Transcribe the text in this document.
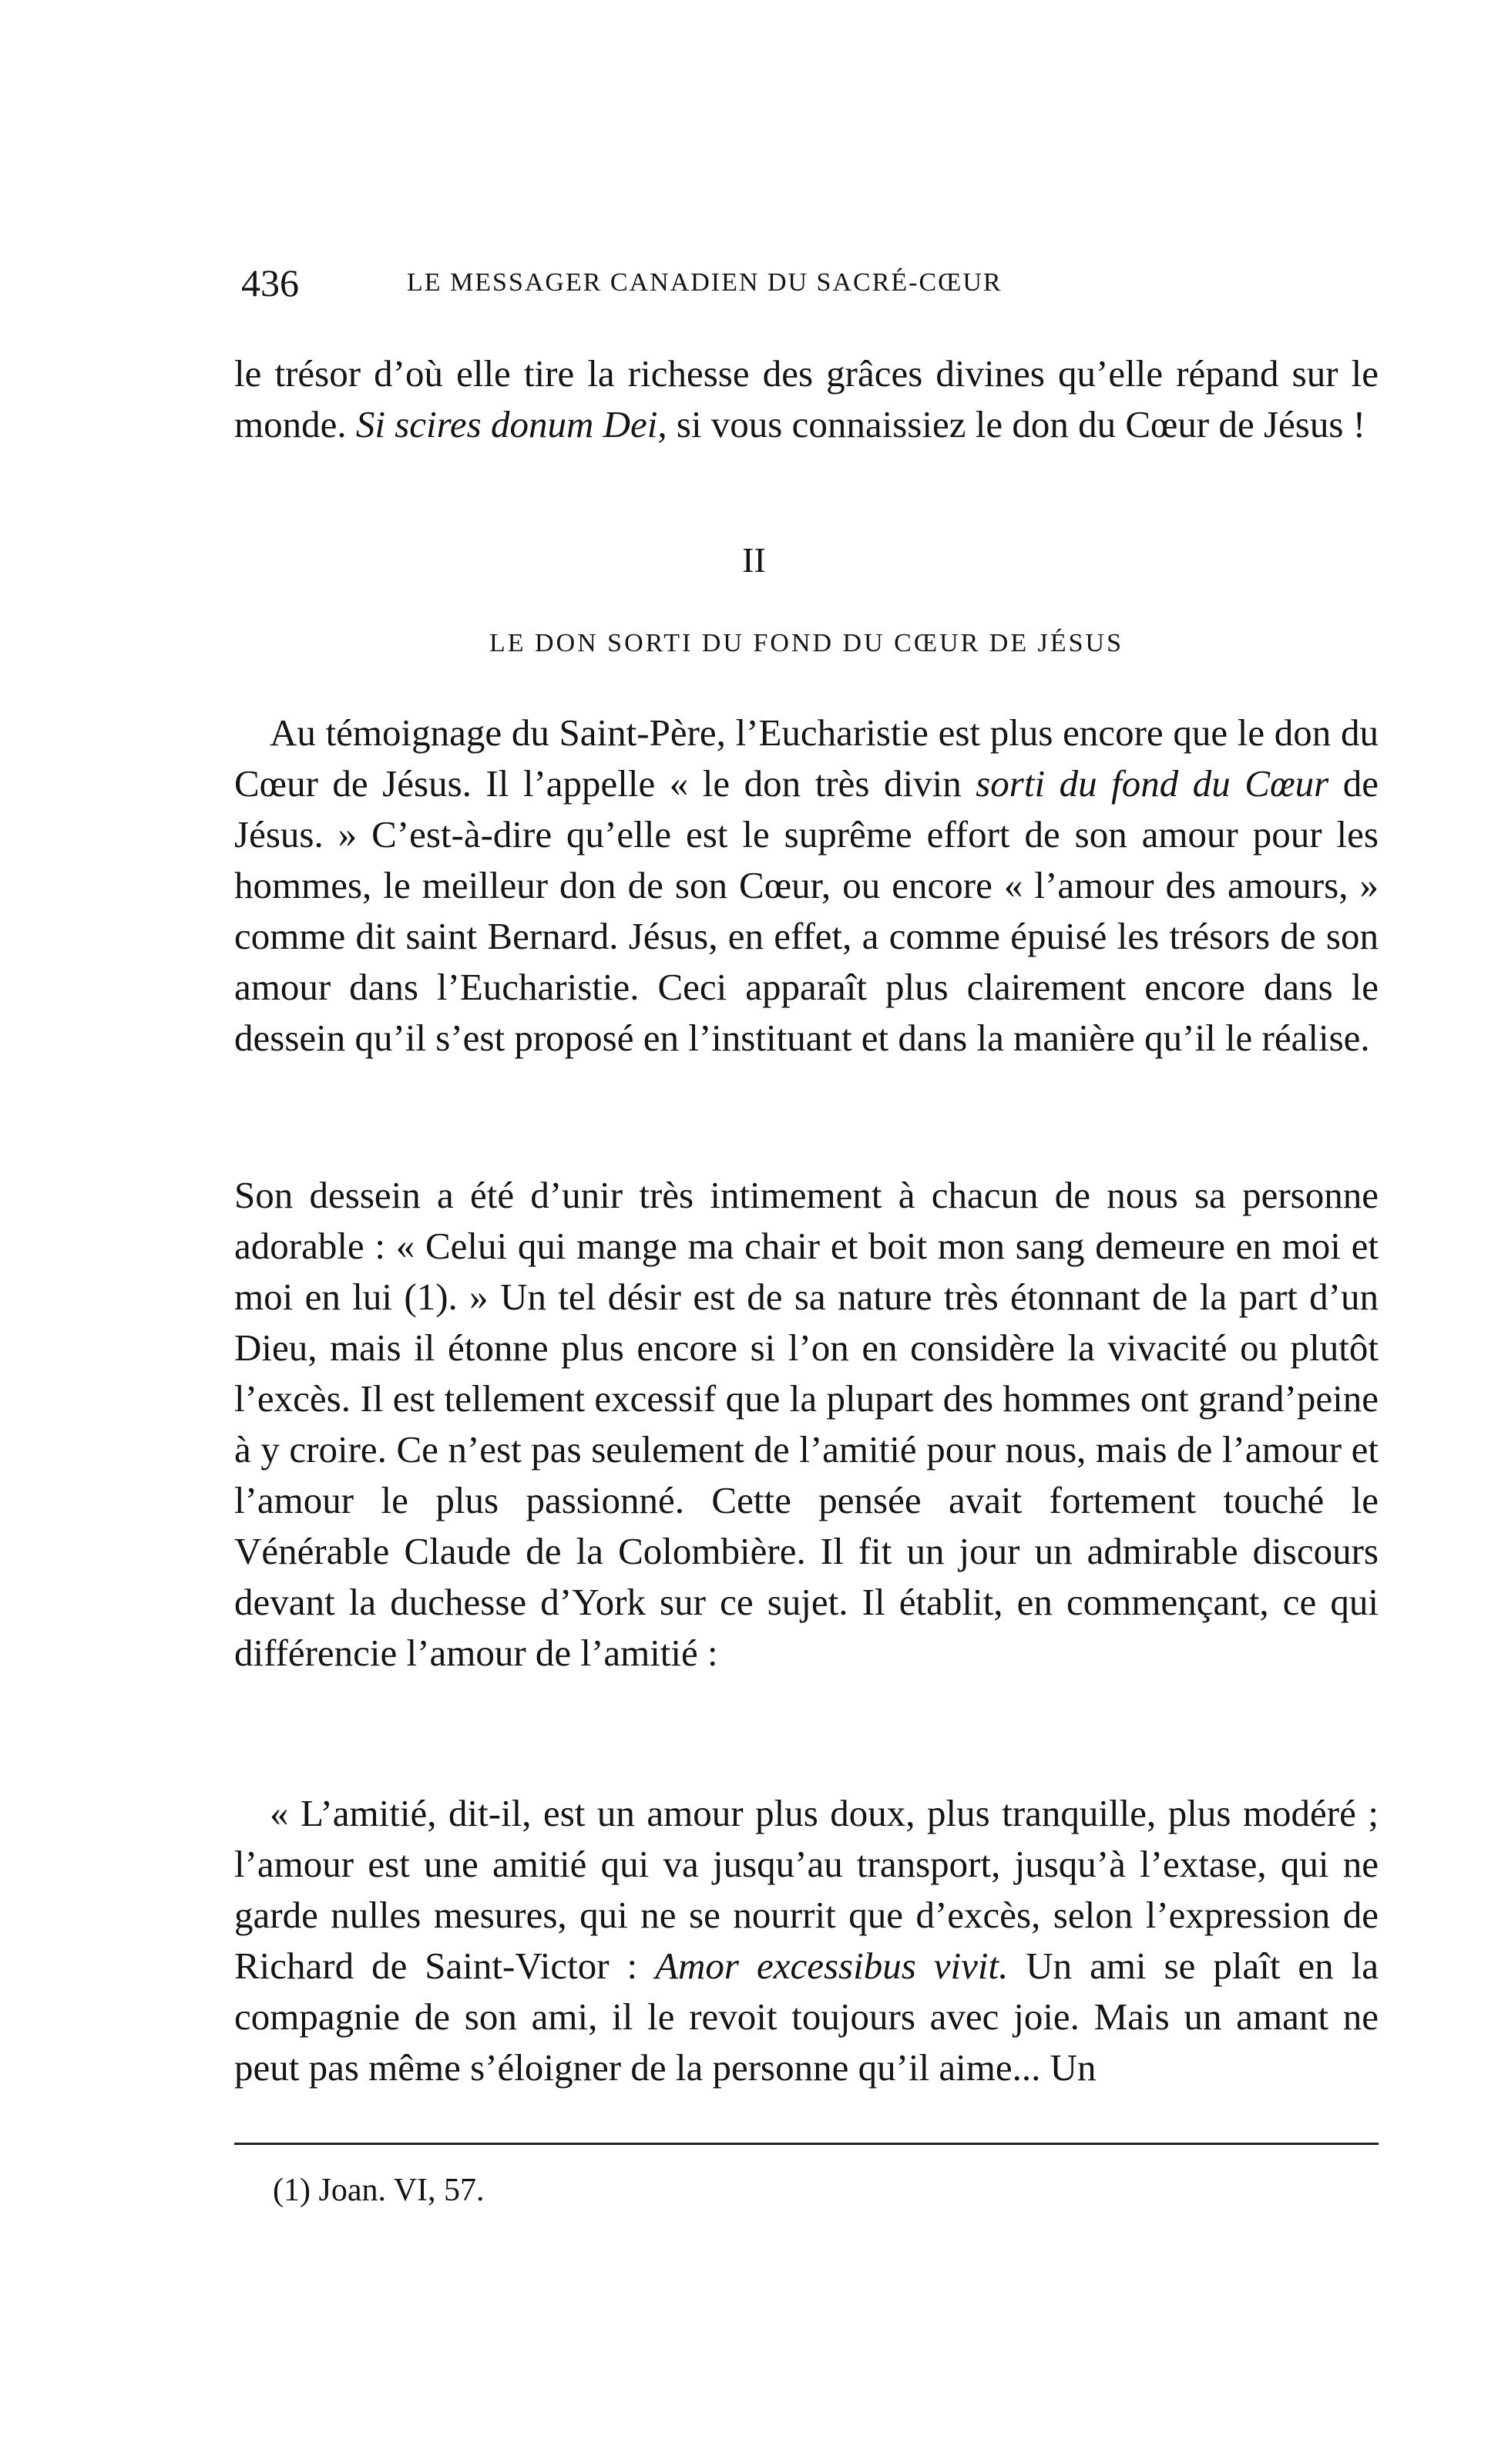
436	LE MESSAGER CANADIEN DU SACRÉ-CŒUR

le trésor d’où elle tire la richesse des grâces divines qu’elle répand sur le monde. Si scires donum Dei, si vous connaissiez le don du Cœur de Jésus !

II
LE DON SORTI DU FOND DU CŒUR DE JÉSUS

Au témoignage du Saint-Père, l’Eucharistie est plus encore que le don du Cœur de Jésus. Il l’appelle « le don très divin sorti du fond du Cœur de Jésus. » C’est-à-dire qu’elle est le suprême effort de son amour pour les hommes, le meilleur don de son Cœur, ou encore « l’amour des amours, » comme dit saint Bernard. Jésus, en effet, a comme épuisé les trésors de son amour dans l’Eucharistie. Ceci apparaît plus clairement encore dans le dessein qu’il s’est proposé en l’instituant et dans la manière qu’il le réalise.

Son dessein a été d’unir très intimement à chacun de nous sa personne adorable : « Celui qui mange ma chair et boit mon sang demeure en moi et moi en lui (1). » Un tel désir est de sa nature très étonnant de la part d’un Dieu, mais il étonne plus encore si l’on en considère la vivacité ou plutôt l’excès. Il est tellement excessif que la plupart des hommes ont grand’peine à y croire. Ce n’est pas seulement de l’amitié pour nous, mais de l’amour et l’amour le plus passionné. Cette pensée avait fortement touché le Vénérable Claude de la Colombière. Il fit un jour un admirable discours devant la duchesse d’York sur ce sujet. Il établit, en commençant, ce qui différencie l’amour de l’amitié :

« L’amitié, dit-il, est un amour plus doux, plus tranquille, plus modéré ; l’amour est une amitié qui va jusqu’au transport, jusqu’à l’extase, qui ne garde nulles mesures, qui ne se nourrit que d’excès, selon l’expression de Richard de Saint-Victor : Amor excessibus vivit. Un ami se plaît en la compagnie de son ami, il le revoit toujours avec joie. Mais un amant ne peut pas même s’éloigner de la personne qu’il aime... Un

(1) Joan. VI, 57.
